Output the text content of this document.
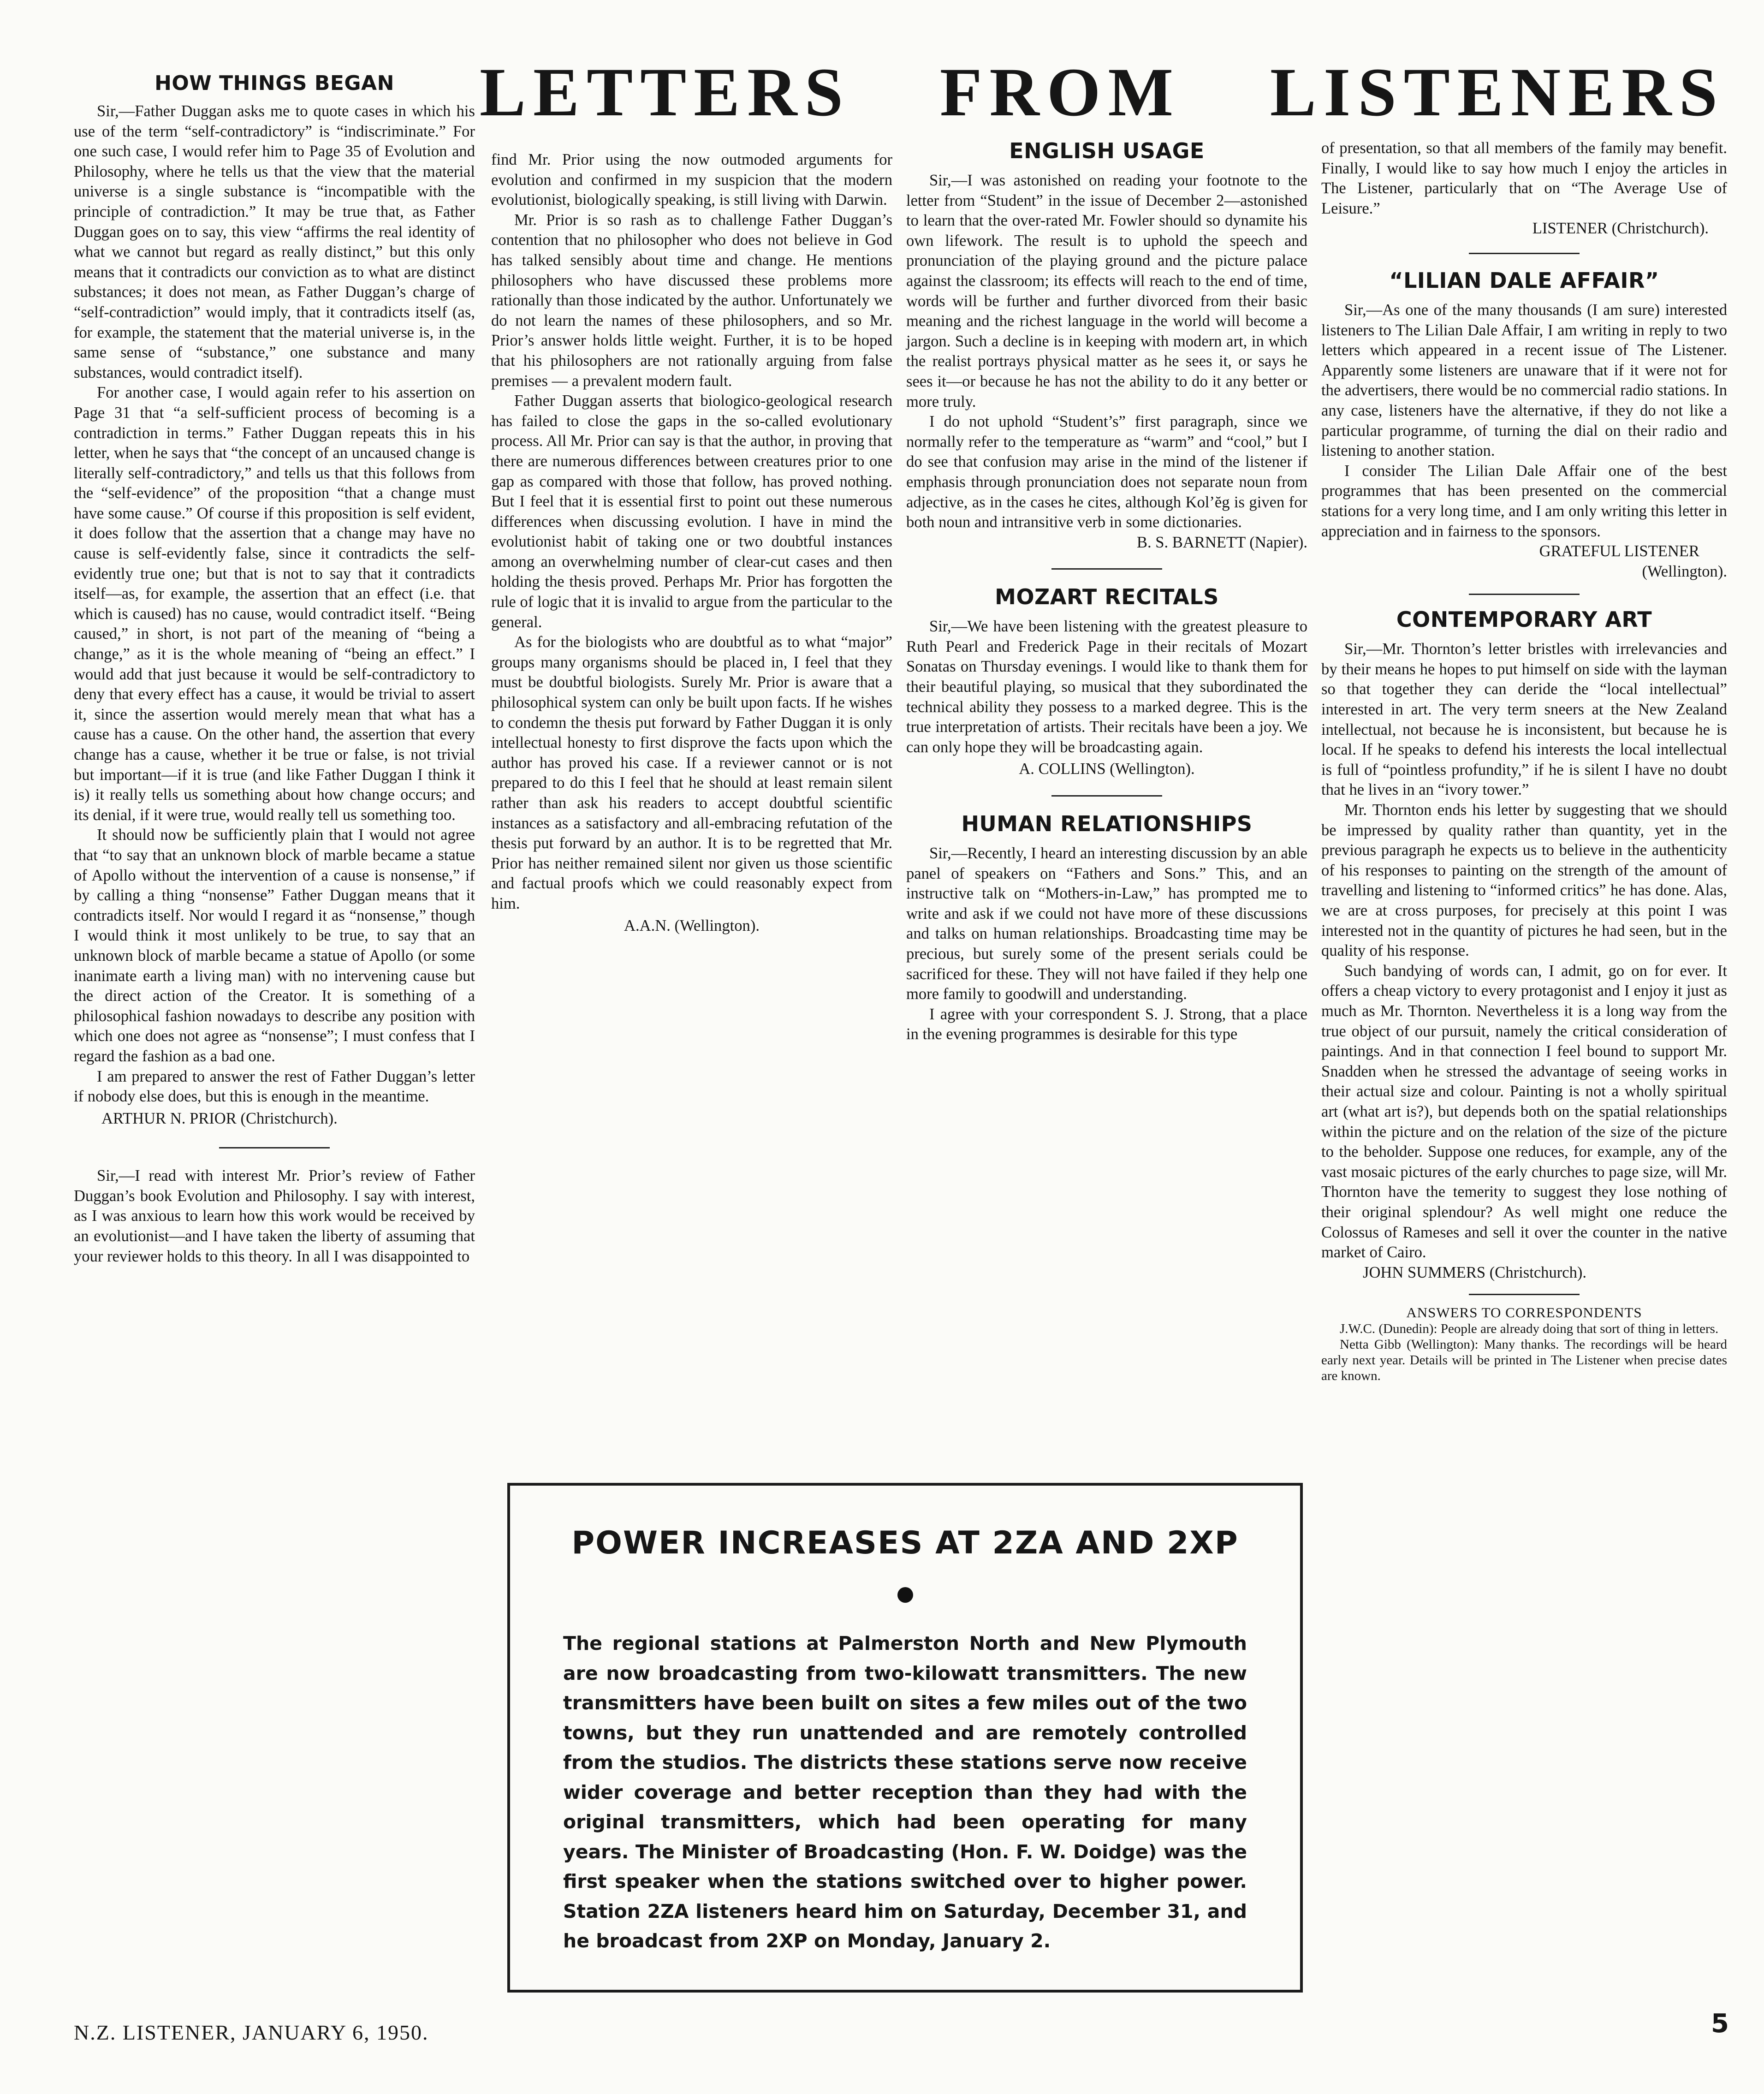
LETTERS FROM LISTENERS

HOW THINGS BEGAN

Sir,—Father Duggan asks me to quote cases in which his use of the term “self-contradictory” is “indiscriminate.” For one such case, I would refer him to Page 35 of Evolution and Philosophy, where he tells us that the view that the material universe is a single substance is “incompatible with the principle of contradiction.” It may be true that, as Father Duggan goes on to say, this view “affirms the real identity of what we cannot but regard as really distinct,” but this only means that it contradicts our conviction as to what are distinct substances; it does not mean, as Father Duggan’s charge of “self-contradiction” would imply, that it contradicts itself (as, for example, the statement that the material universe is, in the same sense of “substance,” one substance and many substances, would contradict itself).

For another case, I would again refer to his assertion on Page 31 that “a self-sufficient process of becoming is a contradiction in terms.” Father Duggan repeats this in his letter, when he says that “the concept of an uncaused change is literally self-contradictory,” and tells us that this follows from the “self-evidence” of the proposition “that a change must have some cause.” Of course if this proposition is self evident, it does follow that the assertion that a change may have no cause is self-evidently false, since it contradicts the self-evidently true one; but that is not to say that it contradicts itself—as, for example, the assertion that an effect (i.e. that which is caused) has no cause, would contradict itself. “Being caused,” in short, is not part of the meaning of “being a change,” as it is the whole meaning of “being an effect.” I would add that just because it would be self-contradictory to deny that every effect has a cause, it would be trivial to assert it, since the assertion would merely mean that what has a cause has a cause. On the other hand, the assertion that every change has a cause, whether it be true or false, is not trivial but important—if it is true (and like Father Duggan I think it is) it really tells us something about how change occurs; and its denial, if it were true, would really tell us something too.

It should now be sufficiently plain that I would not agree that “to say that an unknown block of marble became a statue of Apollo without the intervention of a cause is nonsense,” if by calling a thing “nonsense” Father Duggan means that it contradicts itself. Nor would I regard it as “nonsense,” though I would think it most unlikely to be true, to say that an unknown block of marble became a statue of Apollo (or some inanimate earth a living man) with no intervening cause but the direct action of the Creator. It is something of a philosophical fashion nowadays to describe any position with which one does not agree as “nonsense”; I must confess that I regard the fashion as a bad one.

I am prepared to answer the rest of Father Duggan’s letter if nobody else does, but this is enough in the meantime.

ARTHUR N. PRIOR (Christchurch).

Sir,—I read with interest Mr. Prior’s review of Father Duggan’s book Evolution and Philosophy. I say with interest, as I was anxious to learn how this work would be received by an evolutionist—and I have taken the liberty of assuming that your reviewer holds to this theory. In all I was disappointed to

find Mr. Prior using the now outmoded arguments for evolution and confirmed in my suspicion that the modern evolutionist, biologically speaking, is still living with Darwin.

Mr. Prior is so rash as to challenge Father Duggan’s contention that no philosopher who does not believe in God has talked sensibly about time and change. He mentions philosophers who have discussed these problems more rationally than those indicated by the author. Unfortunately we do not learn the names of these philosophers, and so Mr. Prior’s answer holds little weight. Further, it is to be hoped that his philosophers are not rationally arguing from false premises — a prevalent modern fault.

Father Duggan asserts that biologico-geological research has failed to close the gaps in the so-called evolutionary process. All Mr. Prior can say is that the author, in proving that there are numerous differences between creatures prior to one gap as compared with those that follow, has proved nothing. But I feel that it is essential first to point out these numerous differences when discussing evolution. I have in mind the evolutionist habit of taking one or two doubtful instances among an overwhelming number of clear-cut cases and then holding the thesis proved. Perhaps Mr. Prior has forgotten the rule of logic that it is invalid to argue from the particular to the general.

As for the biologists who are doubtful as to what “major” groups many organisms should be placed in, I feel that they must be doubtful biologists. Surely Mr. Prior is aware that a philosophical system can only be built upon facts. If he wishes to condemn the thesis put forward by Father Duggan it is only intellectual honesty to first disprove the facts upon which the author has proved his case. If a reviewer cannot or is not prepared to do this I feel that he should at least remain silent rather than ask his readers to accept doubtful scientific instances as a satisfactory and all-embracing refutation of the thesis put forward by an author. It is to be regretted that Mr. Prior has neither remained silent nor given us those scientific and factual proofs which we could reasonably expect from him.

A.A.N. (Wellington).

ENGLISH USAGE

Sir,—I was astonished on reading your footnote to the letter from “Student” in the issue of December 2—astonished to learn that the over-rated Mr. Fowler should so dynamite his own lifework. The result is to uphold the speech and pronunciation of the playing ground and the picture palace against the classroom; its effects will reach to the end of time, words will be further and further divorced from their basic meaning and the richest language in the world will become a jargon. Such a decline is in keeping with modern art, in which the realist portrays physical matter as he sees it, or says he sees it—or because he has not the ability to do it any better or more truly.

I do not uphold “Student’s” first paragraph, since we normally refer to the temperature as “warm” and “cool,” but I do see that confusion may arise in the mind of the listener if emphasis through pronunciation does not separate noun from adjective, as in the cases he cites, although Kol’ĕg is given for both noun and intransitive verb in some dictionaries.

B. S. BARNETT (Napier).

MOZART RECITALS

Sir,—We have been listening with the greatest pleasure to Ruth Pearl and Frederick Page in their recitals of Mozart Sonatas on Thursday evenings. I would like to thank them for their beautiful playing, so musical that they subordinated the technical ability they possess to a marked degree. This is the true interpretation of artists. Their recitals have been a joy. We can only hope they will be broadcasting again.

A. COLLINS (Wellington).

HUMAN RELATIONSHIPS

Sir,—Recently, I heard an interesting discussion by an able panel of speakers on “Fathers and Sons.” This, and an instructive talk on “Mothers-in-Law,” has prompted me to write and ask if we could not have more of these discussions and talks on human relationships. Broadcasting time may be precious, but surely some of the present serials could be sacrificed for these. They will not have failed if they help one more family to goodwill and understanding.

I agree with your correspondent S. J. Strong, that a place in the evening programmes is desirable for this type

of presentation, so that all members of the family may benefit. Finally, I would like to say how much I enjoy the articles in The Listener, particularly that on “The Average Use of Leisure.”

LISTENER (Christchurch).

“LILIAN DALE AFFAIR”

Sir,—As one of the many thousands (I am sure) interested listeners to The Lilian Dale Affair, I am writing in reply to two letters which appeared in a recent issue of The Listener. Apparently some listeners are unaware that if it were not for the advertisers, there would be no commercial radio stations. In any case, listeners have the alternative, if they do not like a particular programme, of turning the dial on their radio and listening to another station.

I consider The Lilian Dale Affair one of the best programmes that has been presented on the commercial stations for a very long time, and I am only writing this letter in appreciation and in fairness to the sponsors.

GRATEFUL LISTENER

(Wellington).

CONTEMPORARY ART

Sir,—Mr. Thornton’s letter bristles with irrelevancies and by their means he hopes to put himself on side with the layman so that together they can deride the “local intellectual” interested in art. The very term sneers at the New Zealand intellectual, not because he is inconsistent, but because he is local. If he speaks to defend his interests the local intellectual is full of “pointless profundity,” if he is silent I have no doubt that he lives in an “ivory tower.”

Mr. Thornton ends his letter by suggesting that we should be impressed by quality rather than quantity, yet in the previous paragraph he expects us to believe in the authenticity of his responses to painting on the strength of the amount of travelling and listening to “informed critics” he has done. Alas, we are at cross purposes, for precisely at this point I was interested not in the quantity of pictures he had seen, but in the quality of his response.

Such bandying of words can, I admit, go on for ever. It offers a cheap victory to every protagonist and I enjoy it just as much as Mr. Thornton. Nevertheless it is a long way from the true object of our pursuit, namely the critical consideration of paintings. And in that connection I feel bound to support Mr. Snadden when he stressed the advantage of seeing works in their actual size and colour. Painting is not a wholly spiritual art (what art is?), but depends both on the spatial relationships within the picture and on the relation of the size of the picture to the beholder. Suppose one reduces, for example, any of the vast mosaic pictures of the early churches to page size, will Mr. Thornton have the temerity to suggest they lose nothing of their original splendour? As well might one reduce the Colossus of Rameses and sell it over the counter in the native market of Cairo.

JOHN SUMMERS (Christchurch).

ANSWERS TO CORRESPONDENTS

J.W.C. (Dunedin): People are already doing that sort of thing in letters.

Netta Gibb (Wellington): Many thanks. The recordings will be heard early next year. Details will be printed in The Listener when precise dates are known.

POWER INCREASES AT 2ZA AND 2XP
The regional stations at Palmerston North and New Plymouth are now broadcasting from two-kilowatt transmitters. The new transmitters have been built on sites a few miles out of the two towns, but they run unattended and are remotely controlled from the studios. The districts these stations serve now receive wider coverage and better reception than they had with the original transmitters, which had been operating for many years. The Minister of Broadcasting (Hon. F. W. Doidge) was the first speaker when the stations switched over to higher power. Station 2ZA listeners heard him on Saturday, December 31, and he broadcast from 2XP on Monday, January 2.
N.Z. LISTENER, JANUARY 6, 1950.	5
